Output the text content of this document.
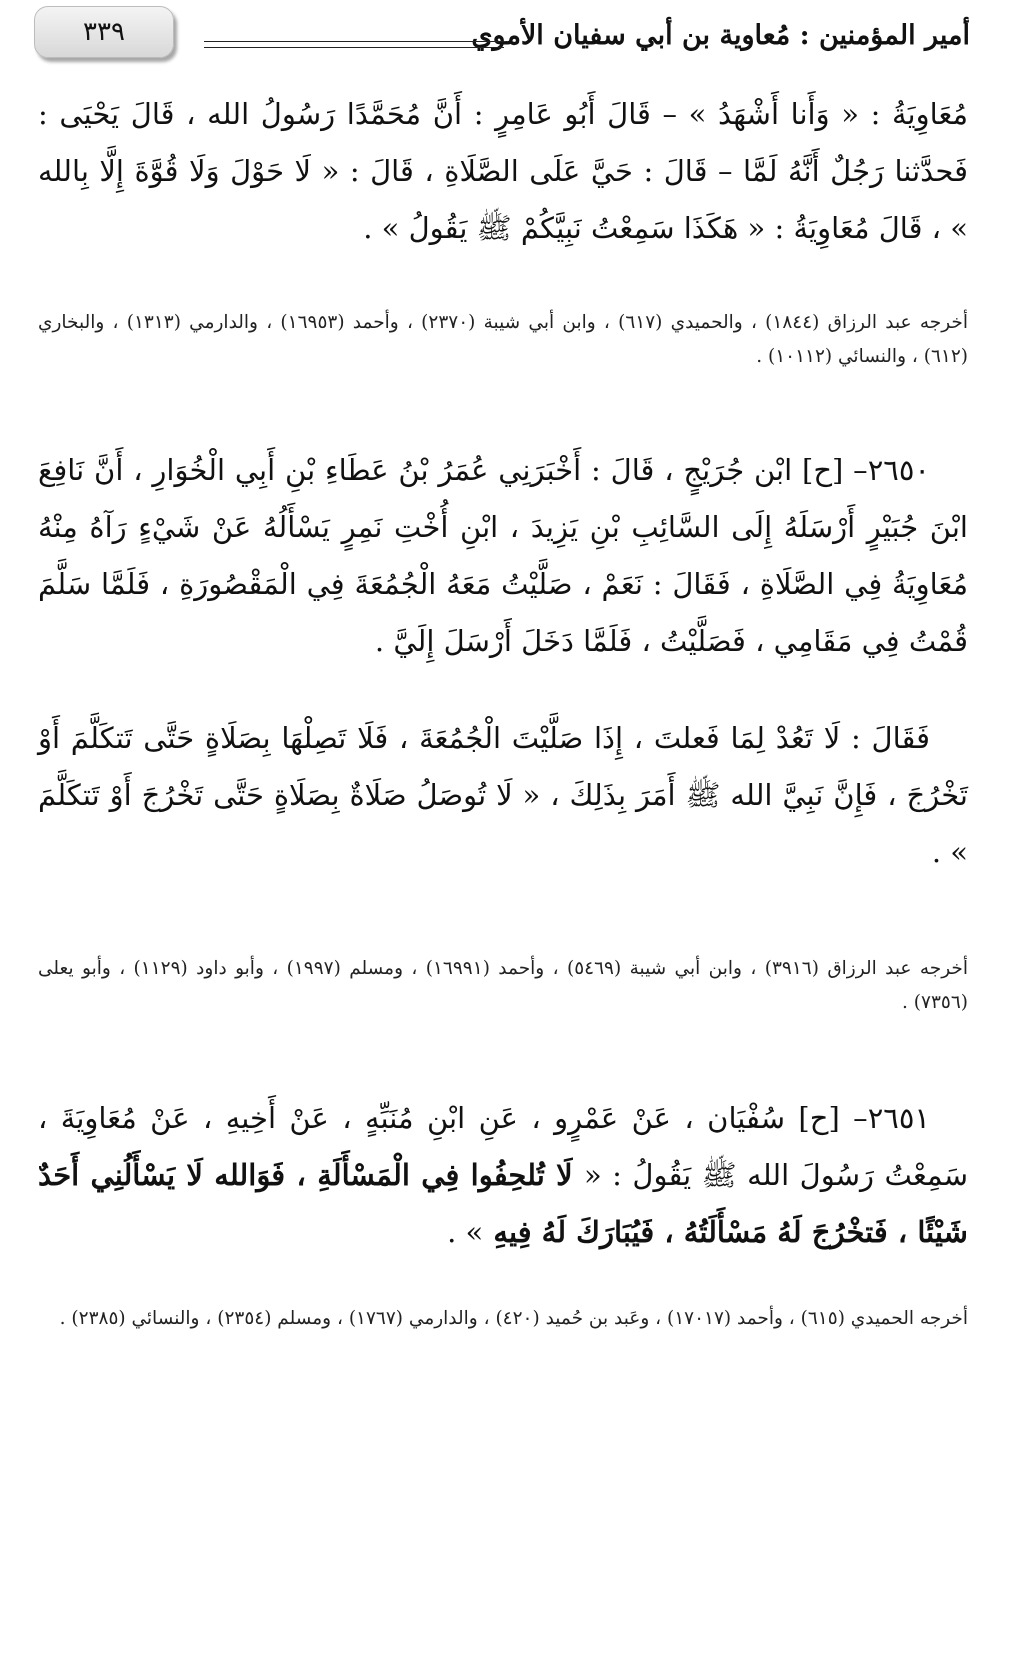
أمير المؤمنين : مُعاوية بن أبي سفيان الأموي
٣٣٩
مُعَاوِيَةُ : « وَأَنا أَشْهَدُ » – قَالَ أَبُو عَامِرٍ : أَنَّ مُحَمَّدًا رَسُولُ الله ، قَالَ يَحْيَى : فَحدَّثنا رَجُلٌ أَنَّهُ لَمَّا – قَالَ : حَيَّ عَلَى الصَّلَاةِ ، قَالَ : « لَا حَوْلَ وَلَا قُوَّةَ إِلَّا بِالله » ، قَالَ مُعَاوِيَةُ : « هَكَذَا سَمِعْتُ نَبِيَّكُمْ ﷺ يَقُولُ » .
أخرجه عبد الرزاق (١٨٤٤) ، والحميدي (٦١٧) ، وابن أبي شيبة (٢٣٧٠) ، وأحمد (١٦٩٥٣) ، والدارمي (١٣١٣) ، والبخاري (٦١٢) ، والنسائي (١٠١١٢) .
٢٦٥٠– [ح] ابْن جُرَيْجٍ ، قَالَ : أَخْبَرَنِي عُمَرُ بْنُ عَطَاءِ بْنِ أَبِي الْخُوَارِ ، أَنَّ نَافِعَ ابْنَ جُبَيْرٍ أَرْسَلَهُ إِلَى السَّائِبِ بْنِ يَزِيدَ ، ابْنِ أُخْتِ نَمِرٍ يَسْأَلُهُ عَنْ شَيْءٍ رَآهُ مِنْهُ مُعَاوِيَةُ فِي الصَّلَاةِ ، فَقَالَ : نَعَمْ ، صَلَّيْتُ مَعَهُ الْجُمُعَةَ فِي الْمَقْصُورَةِ ، فَلَمَّا سَلَّمَ قُمْتُ فِي مَقَامِي ، فَصَلَّيْتُ ، فَلَمَّا دَخَلَ أَرْسَلَ إِلَيَّ .
فَقَالَ : لَا تَعُدْ لِمَا فَعلتَ ، إِذَا صَلَّيْتَ الْجُمُعَةَ ، فَلَا تَصِلْهَا بِصَلَاةٍ حَتَّى تَتكَلَّمَ أَوْ تَخْرُجَ ، فَإِنَّ نَبِيَّ الله ﷺ أَمَرَ بِذَلِكَ ، « لَا تُوصَلُ صَلَاةٌ بِصَلَاةٍ حَتَّى تَخْرُجَ أَوْ تَتكَلَّمَ » .
أخرجه عبد الرزاق (٣٩١٦) ، وابن أبي شيبة (٥٤٦٩) ، وأحمد (١٦٩٩١) ، ومسلم (١٩٩٧) ، وأبو داود (١١٢٩) ، وأبو يعلى (٧٣٥٦) .
٢٦٥١– [ح] سُفْيَان ، عَنْ عَمْرٍو ، عَنِ ابْنِ مُنَبِّهٍ ، عَنْ أَخِيهِ ، عَنْ مُعَاوِيَةَ ، سَمِعْتُ رَسُولَ الله ﷺ يَقُولُ : « لَا تُلحِفُوا فِي الْمَسْأَلَةِ ، فَوَالله لَا يَسْأَلُنِي أَحَدٌ شَيْئًا ، فَتخْرُجَ لَهُ مَسْأَلَتُهُ ، فَيُبَارَكَ لَهُ فِيهِ » .
أخرجه الحميدي (٦١٥) ، وأحمد (١٧٠١٧) ، وعَبد بن حُميد (٤٢٠) ، والدارمي (١٧٦٧) ، ومسلم (٢٣٥٤) ، والنسائي (٢٣٨٥) .
